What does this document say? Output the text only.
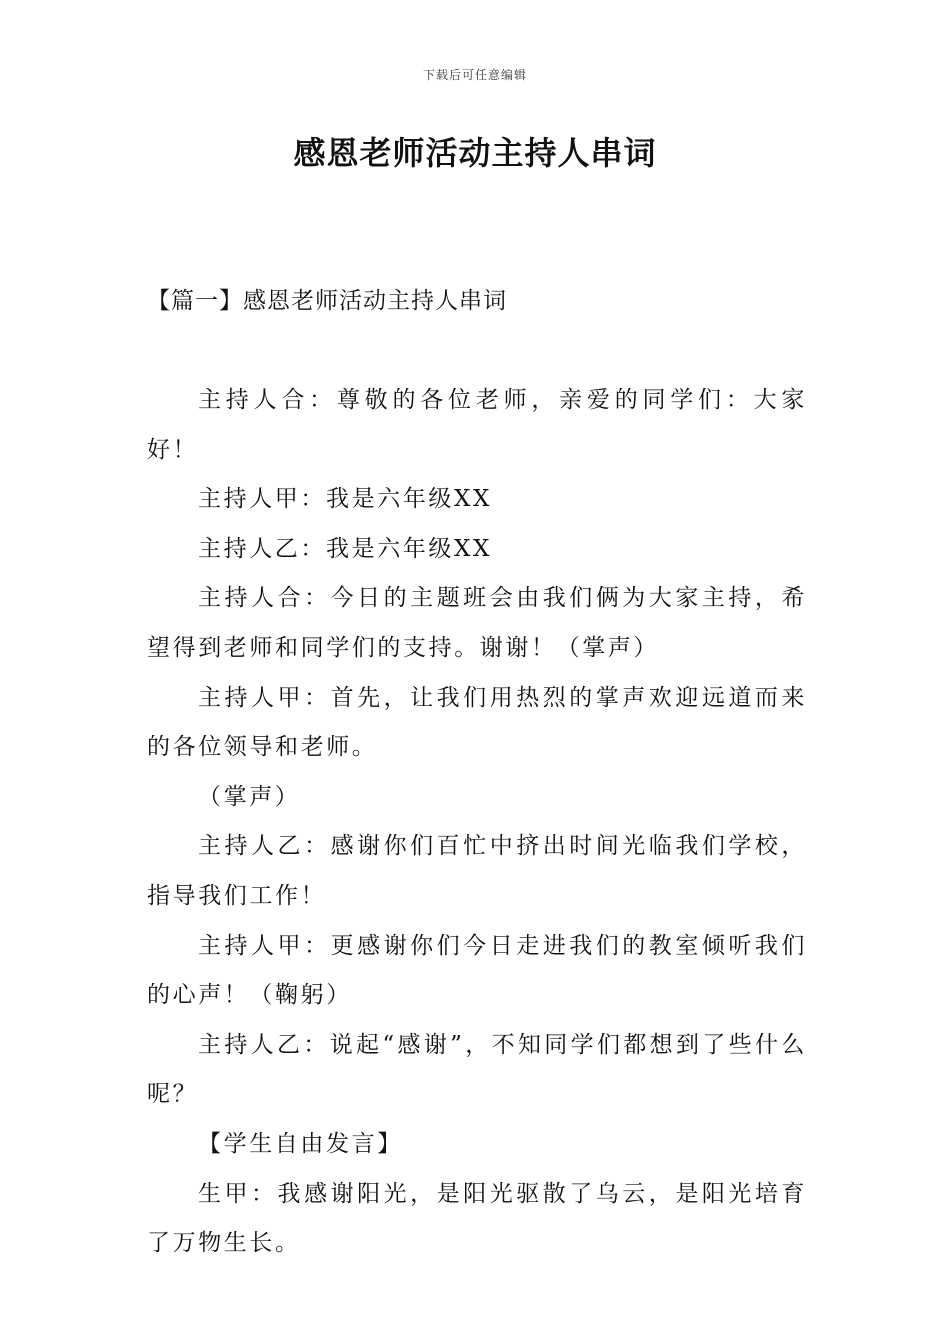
下载后可任意编辑
感恩老师活动主持人串词
【篇一】感恩老师活动主持人串词

主持人合：尊敬的各位老师，亲爱的同学们：大家好！

主持人甲：我是六年级XX

主持人乙：我是六年级XX

主持人合：今日的主题班会由我们俩为大家主持，希望得到老师和同学们的支持。谢谢！（掌声）

主持人甲：首先，让我们用热烈的掌声欢迎远道而来的各位领导和老师。

（掌声）

主持人乙：感谢你们百忙中挤出时间光临我们学校，指导我们工作！

主持人甲：更感谢你们今日走进我们的教室倾听我们的心声！（鞠躬）

主持人乙：说起“感谢”，不知同学们都想到了些什么呢？

【学生自由发言】

生甲：我感谢阳光，是阳光驱散了乌云，是阳光培育了万物生长。
